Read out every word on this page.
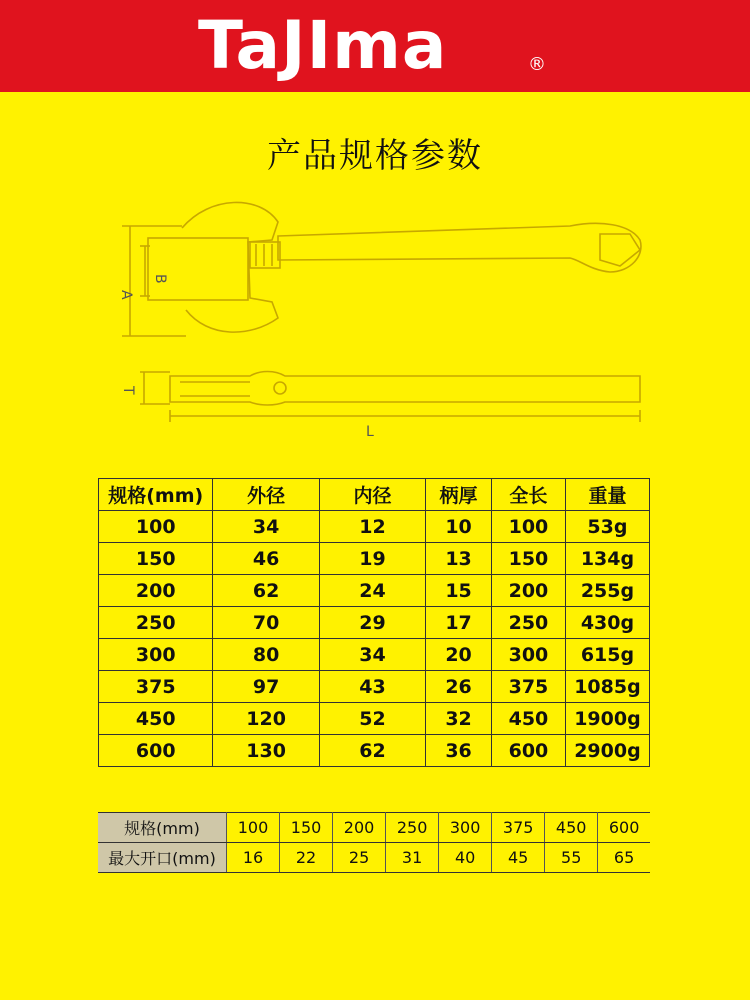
TaJIma	®
产品规格参数
A
B
T
L
规格(mm)	外径	内径	柄厚	全长	重量
100	34	12	10	100	53g
150	46	19	13	150	134g
200	62	24	15	200	255g
250	70	29	17	250	430g
300	80	34	20	300	615g
375	97	43	26	375	1085g
450	120	52	32	450	1900g
600	130	62	36	600	2900g
规格(mm)	100	150	200	250	300	375	450	600
最大开口(mm)	16	22	25	31	40	45	55	65
